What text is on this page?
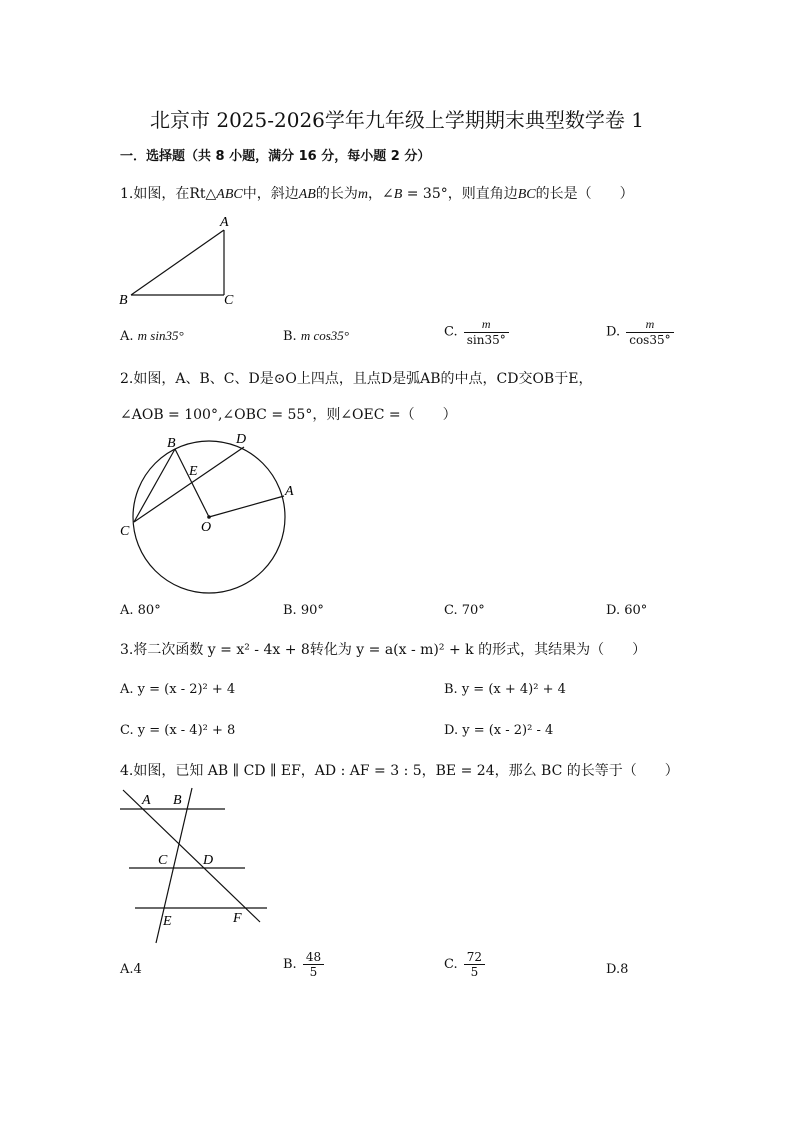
北京市 2025-2026学年九年级上学期期末典型数学卷 1
一．选择题（共 8 小题，满分 16 分，每小题 2 分）
1.如图，在Rt△ABC中，斜边AB的长为m，∠B = 35°，则直角边BC的长是（　　）
A
B	C
A. m sin35°	B. m cos35°	C. $\frac{m}{\sin 35^\circ}$	D. $\frac{m}{\cos 35^\circ}$
2.如图，A、B、C、D是⊙O上四点，且点D是弧AB的中点，CD交OB于E，
∠AOB = 100°,∠OBC = 55°，则∠OEC =（　　）
B	D
E
A
C	O
A. 80°	B. 90°	C. 70°	D. 60°
3.将二次函数 y = x² - 4x + 8转化为 y = a(x - m)² + k 的形式，其结果为（　　）
A. y = (x - 2)² + 4	B. y = (x + 4)² + 4
C. y = (x - 4)² + 8	D. y = (x - 2)² - 4
4.如图，已知 AB ∥ CD ∥ EF，AD : AF = 3 : 5，BE = 24，那么 BC 的长等于（　　）
A B
C	D
E	F
A.4	B. $\frac{48}{5}$	C. $\frac{72}{5}$	D.8
